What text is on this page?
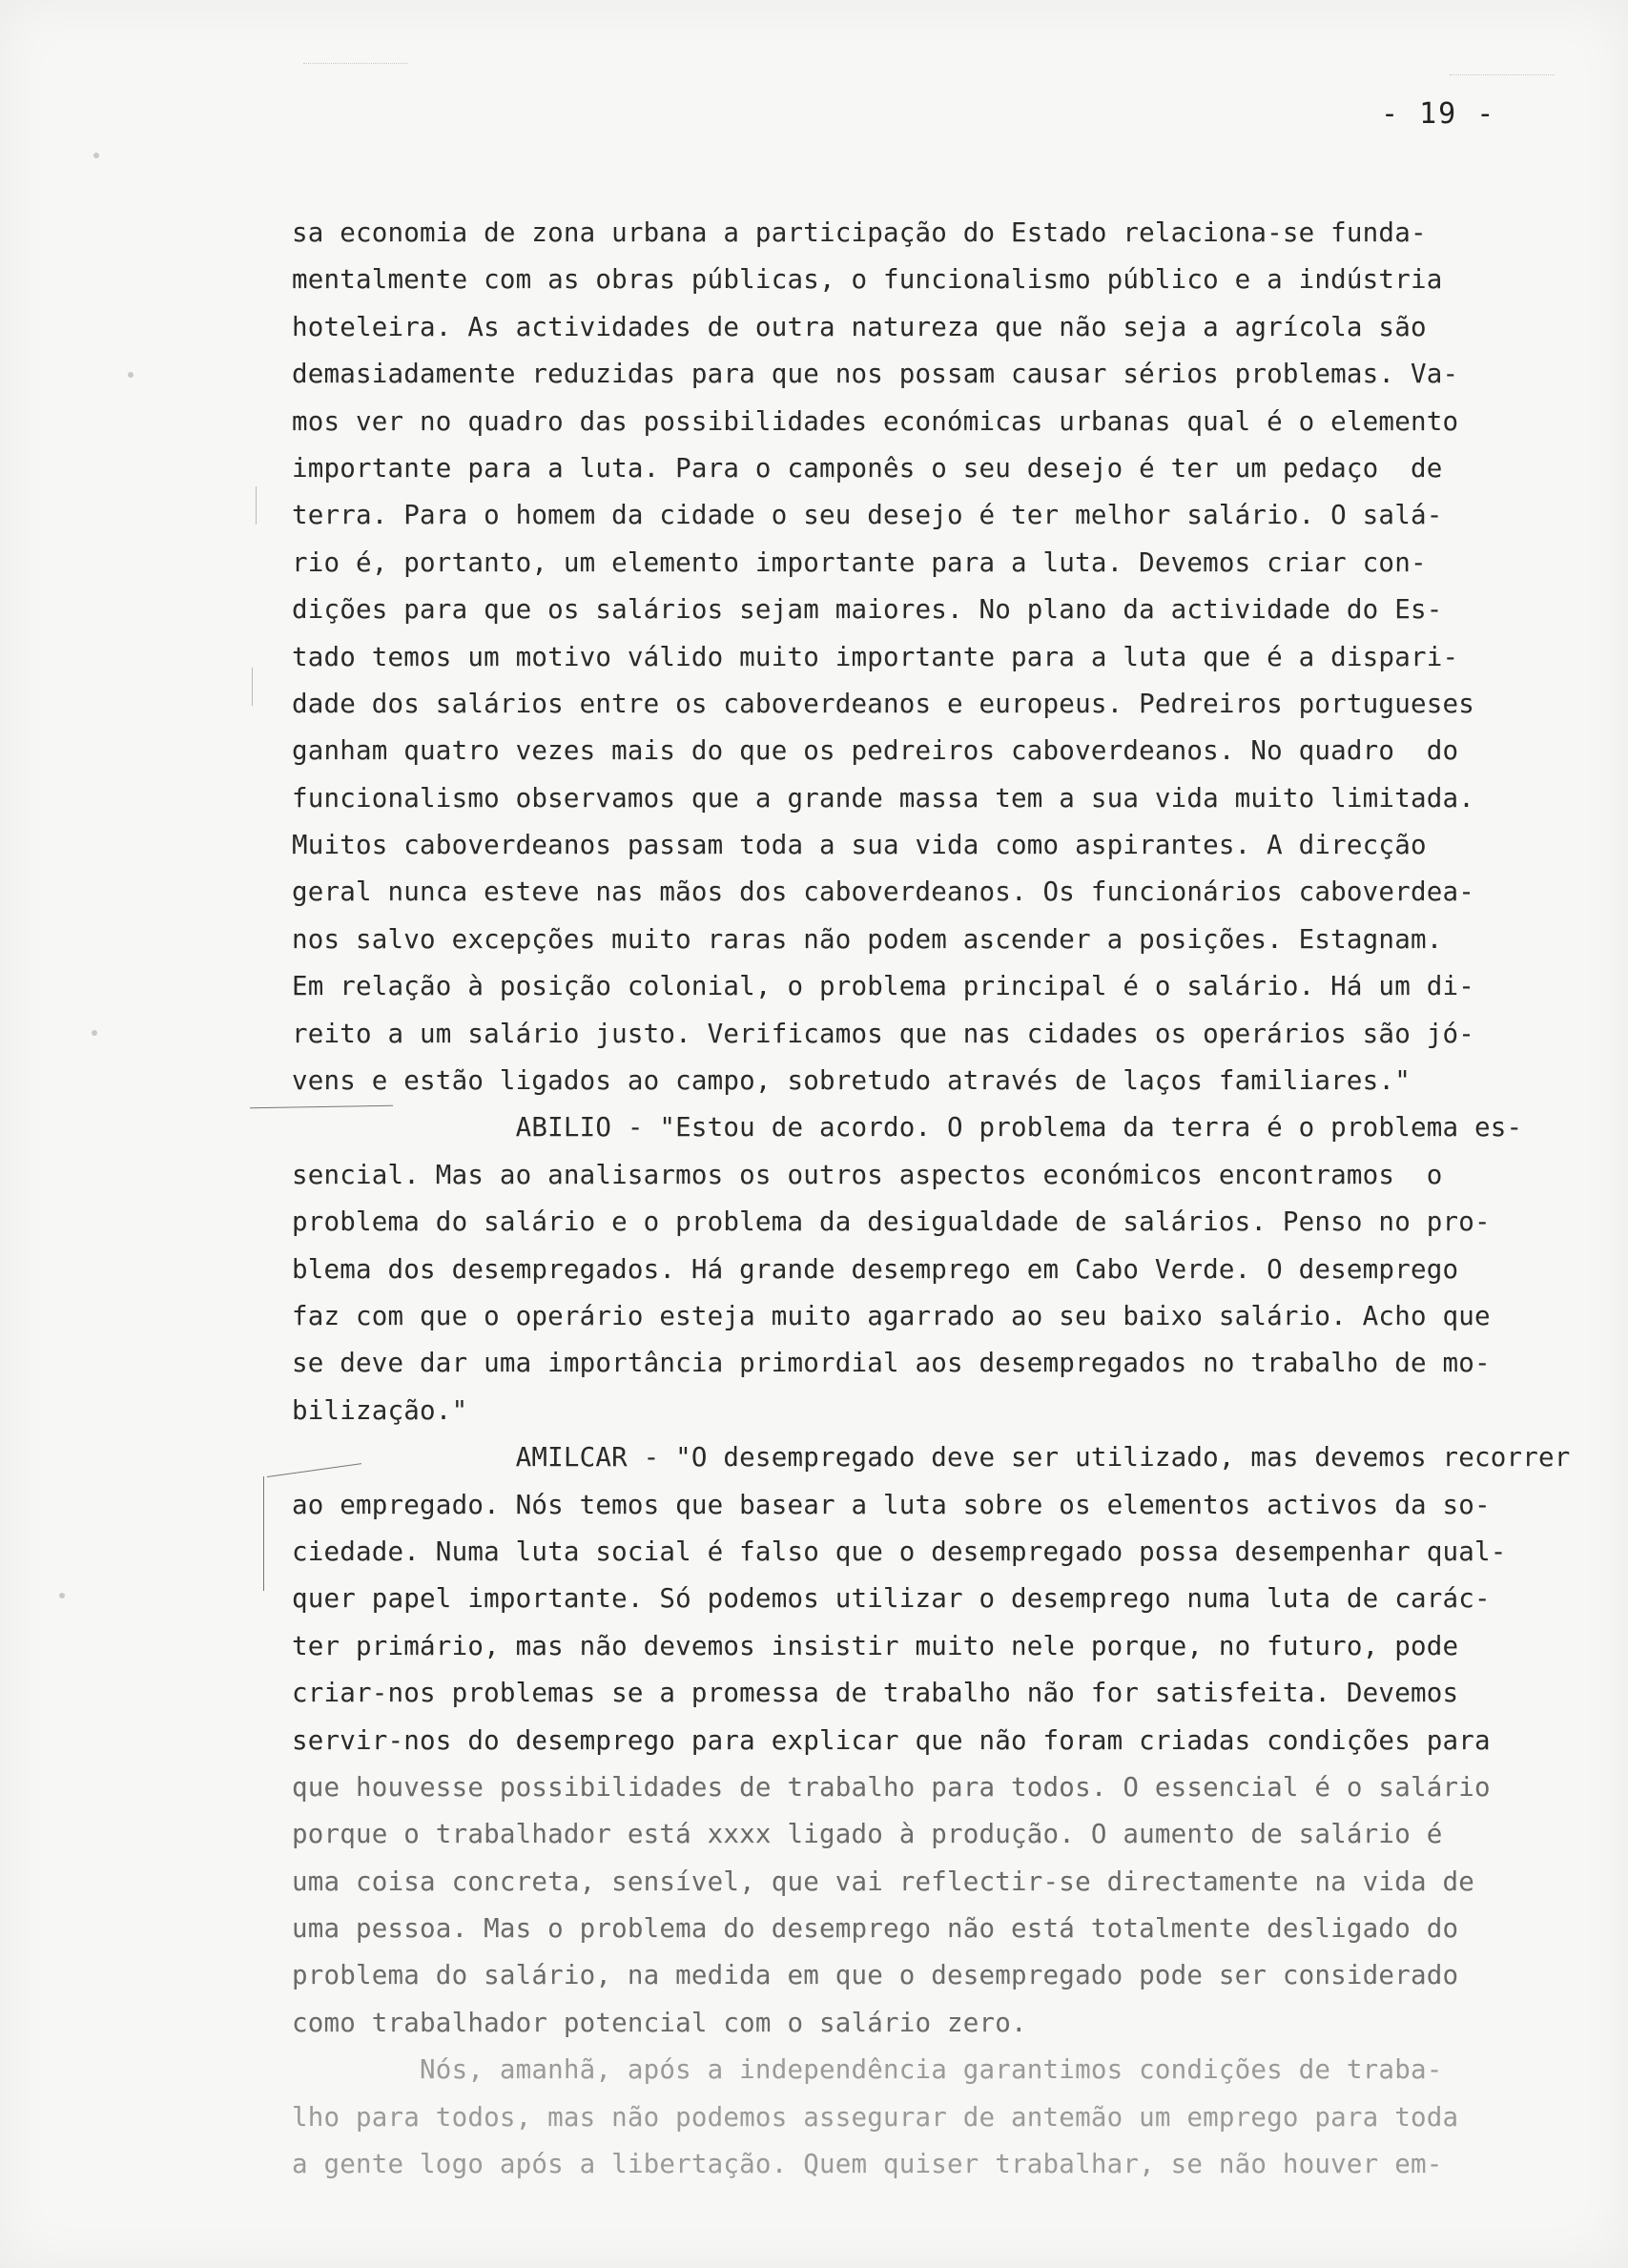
- 19 -
sa economia de zona urbana a participação do Estado relaciona-se funda-
mentalmente com as obras públicas, o funcionalismo público e a indústria
hoteleira. As actividades de outra natureza que não seja a agrícola são
demasiadamente reduzidas para que nos possam causar sérios problemas. Va-
mos ver no quadro das possibilidades económicas urbanas qual é o elemento
importante para a luta. Para o camponês o seu desejo é ter um pedaço  de
terra. Para o homem da cidade o seu desejo é ter melhor salário. O salá-
rio é, portanto, um elemento importante para a luta. Devemos criar con-
dições para que os salários sejam maiores. No plano da actividade do Es-
tado temos um motivo válido muito importante para a luta que é a dispari-
dade dos salários entre os caboverdeanos e europeus. Pedreiros portugueses
ganham quatro vezes mais do que os pedreiros caboverdeanos. No quadro  do
funcionalismo observamos que a grande massa tem a sua vida muito limitada.
Muitos caboverdeanos passam toda a sua vida como aspirantes. A direcção
geral nunca esteve nas mãos dos caboverdeanos. Os funcionários caboverdea-
nos salvo excepções muito raras não podem ascender a posições. Estagnam.
Em relação à posição colonial, o problema principal é o salário. Há um di-
reito a um salário justo. Verificamos que nas cidades os operários são jó-
vens e estão ligados ao campo, sobretudo através de laços familiares."
ABILIO - "Estou de acordo. O problema da terra é o problema es-
sencial. Mas ao analisarmos os outros aspectos económicos encontramos  o
problema do salário e o problema da desigualdade de salários. Penso no pro-
blema dos desempregados. Há grande desemprego em Cabo Verde. O desemprego
faz com que o operário esteja muito agarrado ao seu baixo salário. Acho que
se deve dar uma importância primordial aos desempregados no trabalho de mo-
bilização."
AMILCAR - "O desempregado deve ser utilizado, mas devemos recorrer
ao empregado. Nós temos que basear a luta sobre os elementos activos da so-
ciedade. Numa luta social é falso que o desempregado possa desempenhar qual-
quer papel importante. Só podemos utilizar o desemprego numa luta de carác-
ter primário, mas não devemos insistir muito nele porque, no futuro, pode
criar-nos problemas se a promessa de trabalho não for satisfeita. Devemos
servir-nos do desemprego para explicar que não foram criadas condições para
que houvesse possibilidades de trabalho para todos. O essencial é o salário
porque o trabalhador está xxxx ligado à produção. O aumento de salário é
uma coisa concreta, sensível, que vai reflectir-se directamente na vida de
uma pessoa. Mas o problema do desemprego não está totalmente desligado do
problema do salário, na medida em que o desempregado pode ser considerado
como trabalhador potencial com o salário zero.
Nós, amanhã, após a independência garantimos condições de traba-
lho para todos, mas não podemos assegurar de antemão um emprego para toda
a gente logo após a libertação. Quem quiser trabalhar, se não houver em-
